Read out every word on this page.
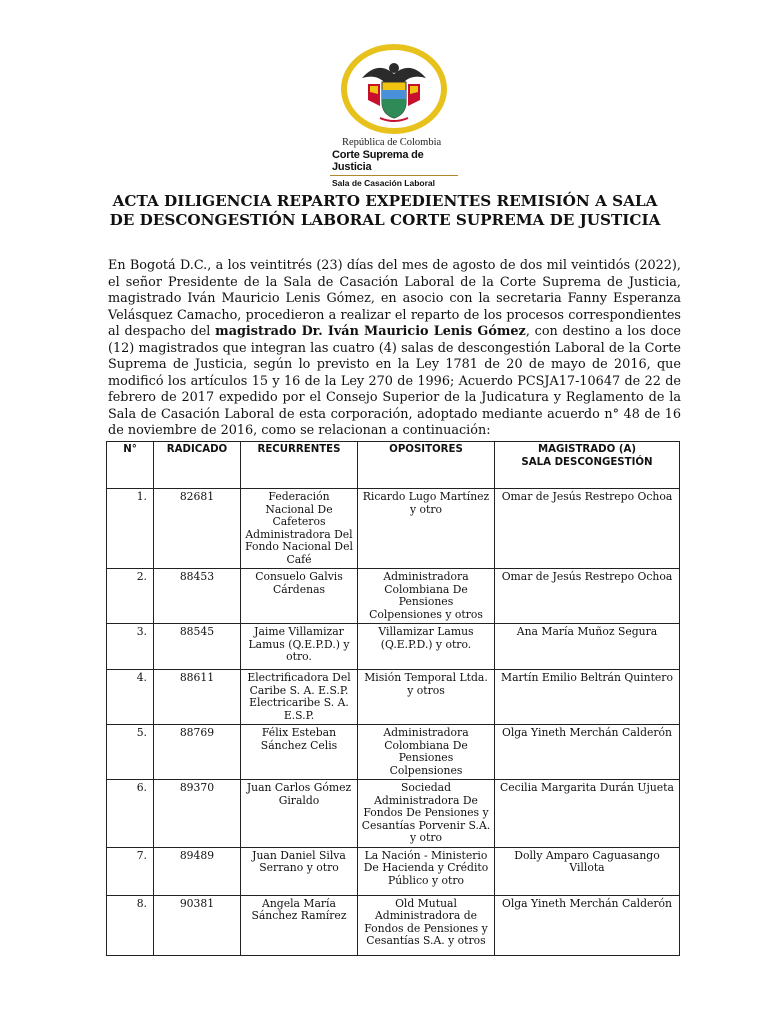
República de Colombia
Corte Suprema de Justicia
Sala de Casación Laboral
ACTA DILIGENCIA REPARTO EXPEDIENTES REMISIÓN A SALA DE DESCONGESTIÓN LABORAL CORTE SUPREMA DE JUSTICIA
En Bogotá D.C., a los veintitrés (23) días del mes de agosto de dos mil veintidós (2022), el señor Presidente de la Sala de Casación Laboral de la Corte Suprema de Justicia, magistrado Iván Mauricio Lenis Gómez, en asocio con la secretaria Fanny Esperanza Velásquez Camacho, procedieron a realizar el reparto de los procesos correspondientes al despacho del magistrado Dr. Iván Mauricio Lenis Gómez, con destino a los doce (12) magistrados que integran las cuatro (4) salas de descongestión Laboral de la Corte Suprema de Justicia, según lo previsto en la Ley 1781 de 20 de mayo de 2016, que modificó los artículos 15 y 16 de la Ley 270 de 1996; Acuerdo PCSJA17-10647 de 22 de febrero de 2017 expedido por el Consejo Superior de la Judicatura y Reglamento de la Sala de Casación Laboral de esta corporación, adoptado mediante acuerdo n° 48 de 16 de noviembre de 2016, como se relacionan a continuación:
N°	RADICADO	RECURRENTES	OPOSITORES	MAGISTRADO (A)
SALA DESCONGESTIÓN
1.	82681	Federación Nacional De Cafeteros Administradora Del Fondo Nacional Del Café	Ricardo Lugo Martínez y otro	Omar de Jesús Restrepo Ochoa
2.	88453	Consuelo Galvis Cárdenas	Administradora Colombiana De Pensiones Colpensiones y otros	Omar de Jesús Restrepo Ochoa
3.	88545	Jaime Villamizar Lamus (Q.E.P.D.) y otro.	Villamizar Lamus (Q.E.P.D.) y otro.	Ana María Muñoz Segura
4.	88611	Electrificadora Del Caribe S. A. E.S.P. Electricaribe S. A. E.S.P.	Misión Temporal Ltda. y otros	Martín Emilio Beltrán Quintero
5.	88769	Félix Esteban Sánchez Celis	Administradora Colombiana De Pensiones Colpensiones	Olga Yineth Merchán Calderón
6.	89370	Juan Carlos Gómez Giraldo	Sociedad Administradora De Fondos De Pensiones y Cesantías Porvenir S.A. y otro	Cecilia Margarita Durán Ujueta
7.	89489	Juan Daniel Silva Serrano y otro	La Nación - Ministerio De Hacienda y Crédito Público y otro	Dolly Amparo Caguasango Villota
8.	90381	Angela María Sánchez Ramírez	Old Mutual Administradora de Fondos de Pensiones y Cesantías S.A. y otros	Olga Yineth Merchán Calderón
